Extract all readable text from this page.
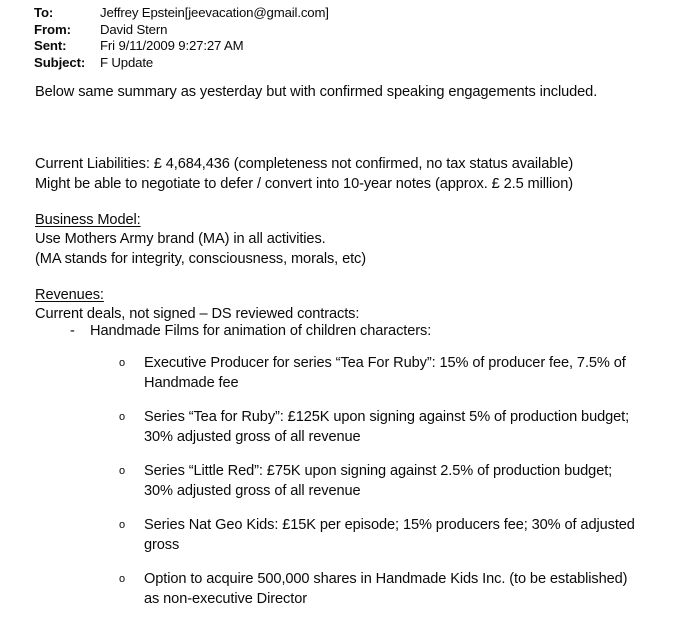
To:	Jeffrey Epstein[jeevacation@gmail.com]
From:	David Stern
Sent:	Fri 9/11/2009 9:27:27 AM
Subject:	F Update
Below same summary as yesterday but with confirmed speaking engagements included.
Current Liabilities: £ 4,684,436 (completeness not confirmed, no tax status available)
Might be able to negotiate to defer / convert into 10-year notes (approx. £ 2.5 million)
Business Model:
Use Mothers Army brand (MA) in all activities.
(MA stands for integrity, consciousness, morals, etc)
Revenues:
Current deals, not signed – DS reviewed contracts:
-	Handmade Films for animation of children characters:
o	Executive Producer for series “Tea For Ruby”: 15% of producer fee, 7.5% of Handmade fee
o	Series “Tea for Ruby”: £125K upon signing against 5% of production budget; 30% adjusted gross of all revenue
o	Series “Little Red”: £75K upon signing against 2.5% of production budget; 30% adjusted gross of all revenue
o	Series Nat Geo Kids: £15K per episode; 15% producers fee; 30% of adjusted gross
o	Option to acquire 500,000 shares in Handmade Kids Inc. (to be established) as non-executive Director
